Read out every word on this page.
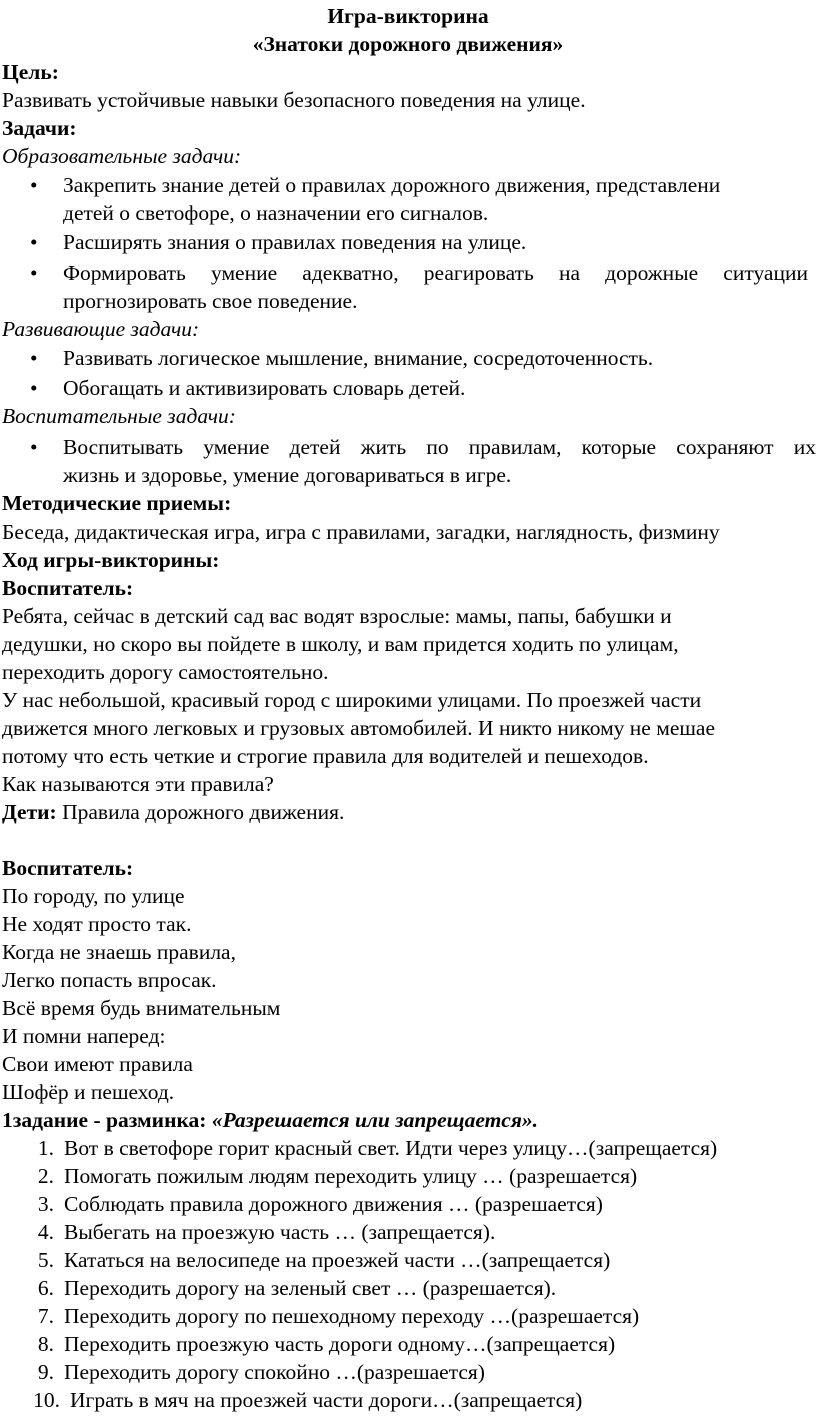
Игра-викторина
«Знатоки дорожного движения»
Цель:
Развивать устойчивые навыки безопасного поведения на улице.
Задачи:
Образовательные задачи:
•	Закрепить знание детей о правилах дорожного движения, представлени
детей о светофоре, о назначении его сигналов.
•	Расширять знания о правилах поведения на улице.
•	Формировать умение адекватно, реагировать на дорожные ситуации
прогнозировать свое поведение.
Развивающие задачи:
•	Развивать логическое мышление, внимание, сосредоточенность.
•	Обогащать и активизировать словарь детей.
Воспитательные задачи:
•	Воспитывать умение детей жить по правилам, которые сохраняют их
жизнь и здоровье, умение договариваться в игре.
Методические приемы:
Беседа, дидактическая игра, игра с правилами, загадки, наглядность, физмину
Ход игры-викторины:
Воспитатель:
Ребята, сейчас в детский сад вас водят взрослые: мамы, папы, бабушки и
дедушки, но скоро вы пойдете в школу, и вам придется ходить по улицам,
переходить дорогу самостоятельно.
У нас небольшой, красивый город с широкими улицами. По проезжей части
движется много легковых и грузовых автомобилей. И никто никому не мешае
потому что есть четкие и строгие правила для водителей и пешеходов.
Как называются эти правила?
Дети: Правила дорожного движения.
Воспитатель:
По городу, по улице
Не ходят просто так.
Когда не знаешь правила,
Легко попасть впросак.
Всё время будь внимательным
И помни наперед:
Свои имеют правила
Шофёр и пешеход.
1задание - разминка: «Разрешается или запрещается».
1. Вот в светофоре горит красный свет. Идти через улицу…(запрещается)
2. Помогать пожилым людям переходить улицу … (разрешается)
3. Соблюдать правила дорожного движения … (разрешается)
4. Выбегать на проезжую часть … (запрещается).
5. Кататься на велосипеде на проезжей части …(запрещается)
6. Переходить дорогу на зеленый свет … (разрешается).
7. Переходить дорогу по пешеходному переходу …(разрешается)
8. Переходить проезжую часть дороги одному…(запрещается)
9. Переходить дорогу спокойно …(разрешается)
10. Играть в мяч на проезжей части дороги…(запрещается)
